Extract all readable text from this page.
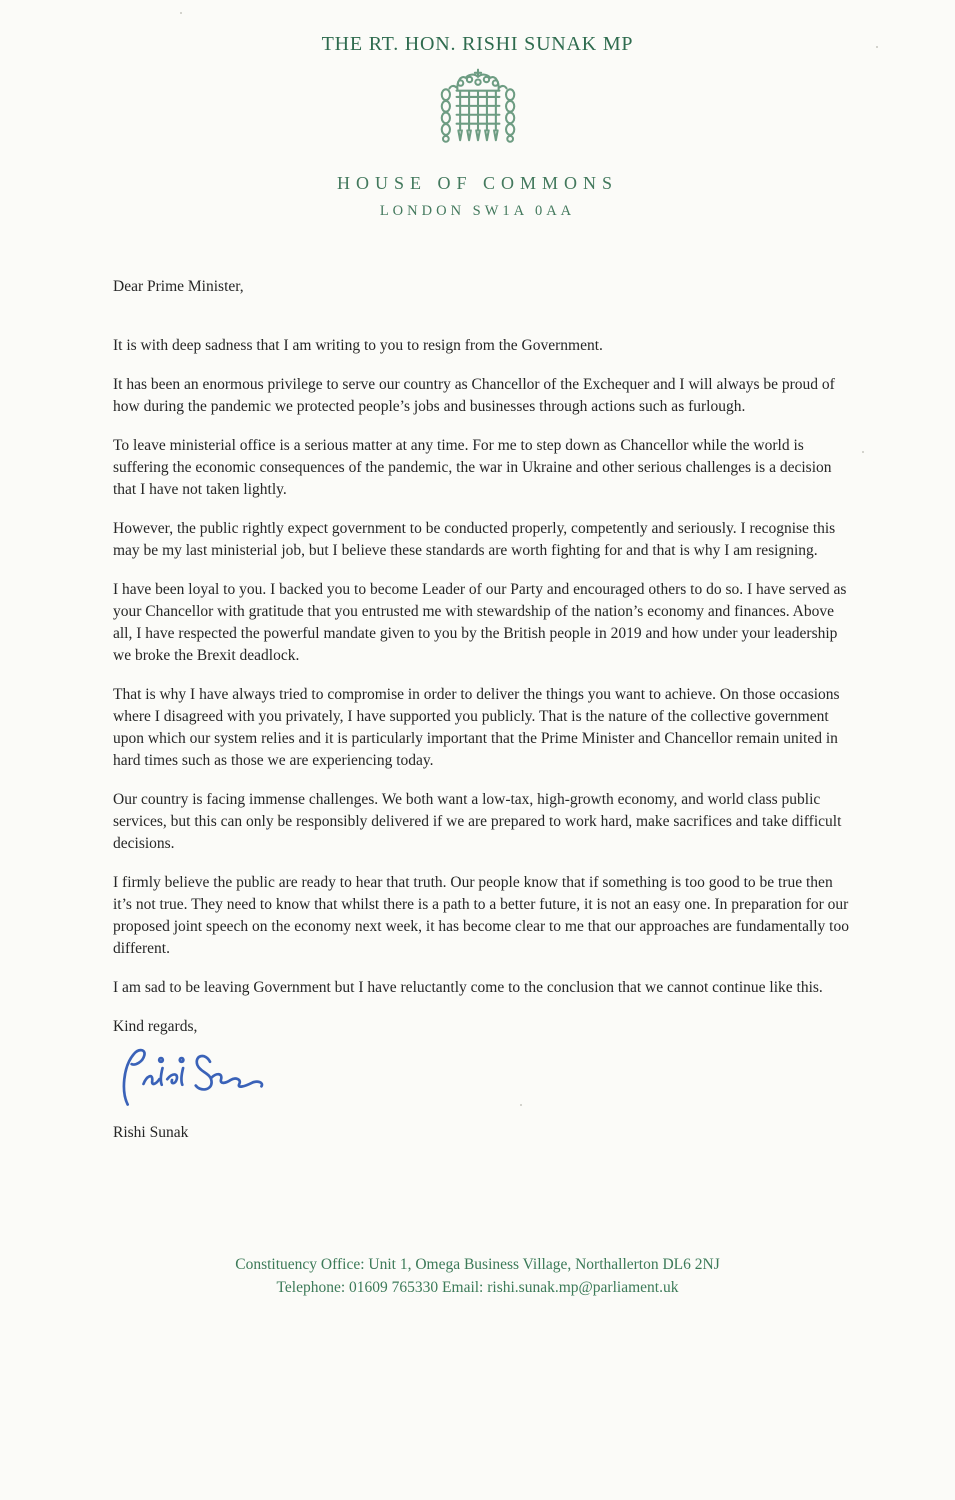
THE RT. HON. RISHI SUNAK MP
HOUSE OF COMMONS
LONDON SW1A 0AA

Dear Prime Minister,

It is with deep sadness that I am writing to you to resign from the Government.

It has been an enormous privilege to serve our country as Chancellor of the Exchequer and I will always be proud of how during the pandemic we protected people’s jobs and businesses through actions such as furlough.

To leave ministerial office is a serious matter at any time. For me to step down as Chancellor while the world is suffering the economic consequences of the pandemic, the war in Ukraine and other serious challenges is a decision that I have not taken lightly.

However, the public rightly expect government to be conducted properly, competently and seriously. I recognise this may be my last ministerial job, but I believe these standards are worth fighting for and that is why I am resigning.

I have been loyal to you. I backed you to become Leader of our Party and encouraged others to do so. I have served as your Chancellor with gratitude that you entrusted me with stewardship of the nation’s economy and finances. Above all, I have respected the powerful mandate given to you by the British people in 2019 and how under your leadership we broke the Brexit deadlock.

That is why I have always tried to compromise in order to deliver the things you want to achieve. On those occasions where I disagreed with you privately, I have supported you publicly. That is the nature of the collective government upon which our system relies and it is particularly important that the Prime Minister and Chancellor remain united in hard times such as those we are experiencing today.

Our country is facing immense challenges. We both want a low-tax, high-growth economy, and world class public services, but this can only be responsibly delivered if we are prepared to work hard, make sacrifices and take difficult decisions.

I firmly believe the public are ready to hear that truth. Our people know that if something is too good to be true then it’s not true. They need to know that whilst there is a path to a better future, it is not an easy one. In preparation for our proposed joint speech on the economy next week, it has become clear to me that our approaches are fundamentally too different.

I am sad to be leaving Government but I have reluctantly come to the conclusion that we cannot continue like this.

Kind regards,

Rishi Sunak

Constituency Office: Unit 1, Omega Business Village, Northallerton DL6 2NJ
Telephone: 01609 765330 Email: rishi.sunak.mp@parliament.uk
